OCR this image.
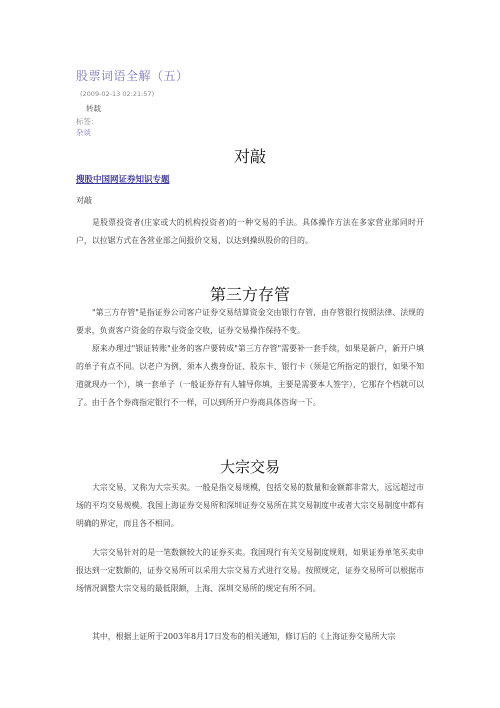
股票词语全解（五）
(2009-02-13 02:21:57)
转载
标签：
杂谈
对敲
搜股中国网证券知识专题
对敲

是股票投资者(庄家或大的机构投资者)的一种交易的手法。具体操作方法在多家营业部同时开户，以拉锯方式在各营业部之间报价交易，以达到操纵股价的目的。

第三方存管

"第三方存管"是指证券公司客户证券交易结算资金交由银行存管，由存管银行按照法律、法规的要求，负责客户资金的存取与资金交收，证券交易操作保持不变。

原来办理过"银证转账"业务的客户要转成"第三方存管"需要补一套手续，如果是新户，新开户填的单子有点不同。以老户为例，须本人携身份证、股东卡、银行卡（须是它所指定的银行，如果不知道就现办一个），填一套单子（一般证券存有人辅导你填，主要是需要本人签字），它那存个档就可以了。由于各个券商指定银行不一样，可以到所开户券商具体咨询一下。

大宗交易

大宗交易，又称为大宗买卖。一般是指交易规模，包括交易的数量和金额都非常大，远远超过市场的平均交易规模。我国上海证券交易所和深圳证券交易所在其交易制度中或者大宗交易制度中都有明确的界定，而且各不相同。

大宗交易针对的是一笔数额较大的证券买卖。我国现行有关交易制度规则，如果证券单笔买卖申报达到一定数额的，证券交易所可以采用大宗交易方式进行交易。按照规定，证券交易所可以根据市场情况调整大宗交易的最低限额，上海、深圳交易所的规定有所不同。

其中，根据上证所于2003年8月17日发布的相关通知，修订后的《上海证券交易所大宗
